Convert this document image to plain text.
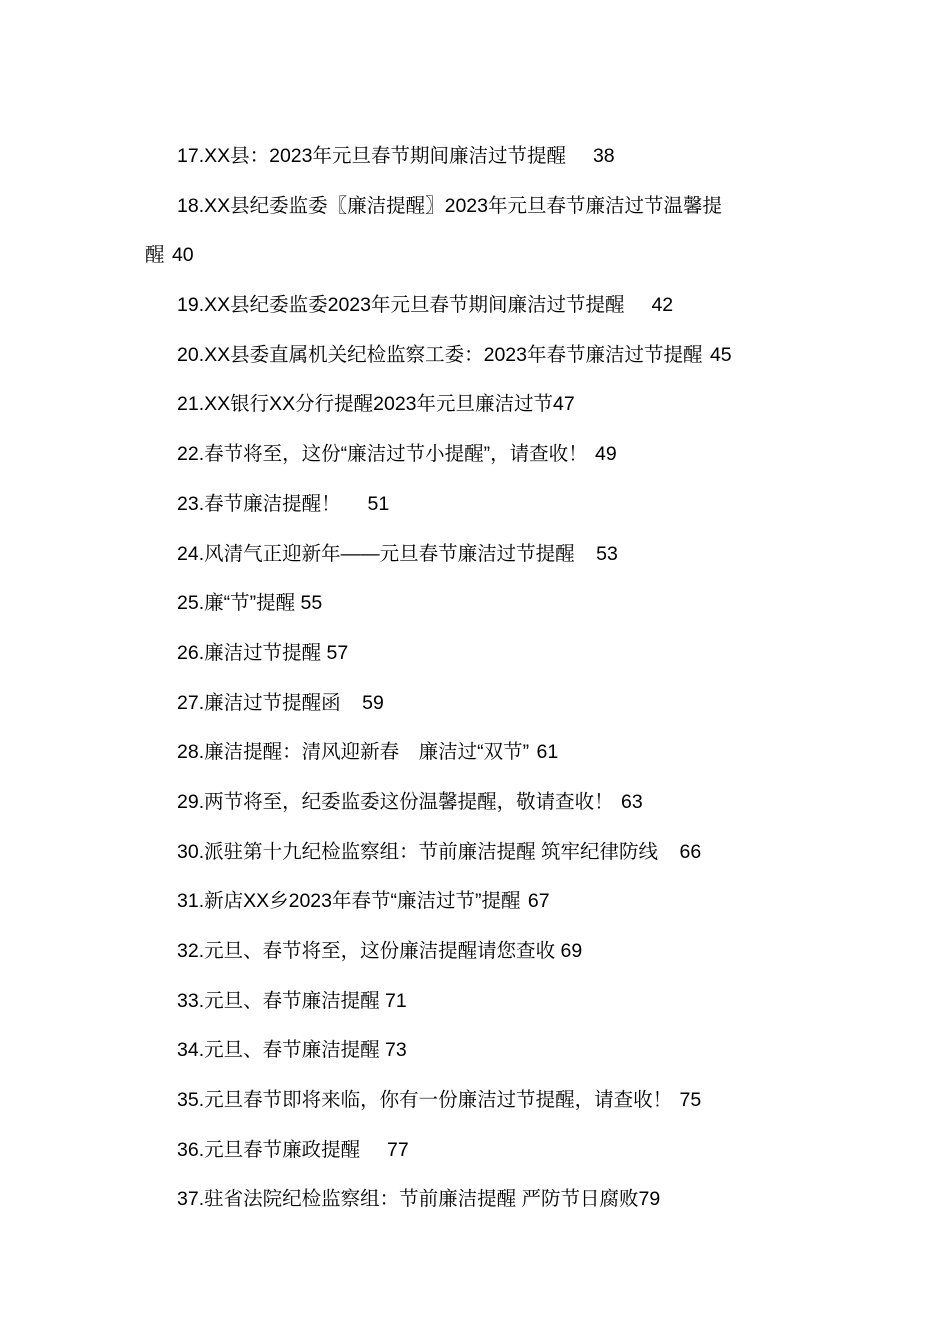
17.XX县：2023年元旦春节期间廉洁过节提醒　 38
18.XX县纪委监委〖廉洁提醒〗2023年元旦春节廉洁过节温馨提
醒 40
19.XX县纪委监委2023年元旦春节期间廉洁过节提醒　 42
20.XX县委直属机关纪检监察工委：2023年春节廉洁过节提醒 45
21.XX银行XX分行提醒2023年元旦廉洁过节47
22.春节将至，这份“廉洁过节小提醒”，请查收！ 49
23.春节廉洁提醒！　 51
24.风清气正迎新年——元旦春节廉洁过节提醒　 53
25.廉“节”提醒 55
26.廉洁过节提醒 57
27.廉洁过节提醒函　 59
28.廉洁提醒：清风迎新春　廉洁过“双节” 61
29.两节将至，纪委监委这份温馨提醒，敬请查收！ 63
30.派驻第十九纪检监察组：节前廉洁提醒 筑牢纪律防线　 66
31.新店XX乡2023年春节“廉洁过节”提醒 67
32.元旦、春节将至，这份廉洁提醒请您查收 69
33.元旦、春节廉洁提醒 71
34.元旦、春节廉洁提醒 73
35.元旦春节即将来临，你有一份廉洁过节提醒，请查收！ 75
36.元旦春节廉政提醒　 77
37.驻省法院纪检监察组：节前廉洁提醒 严防节日腐败79
